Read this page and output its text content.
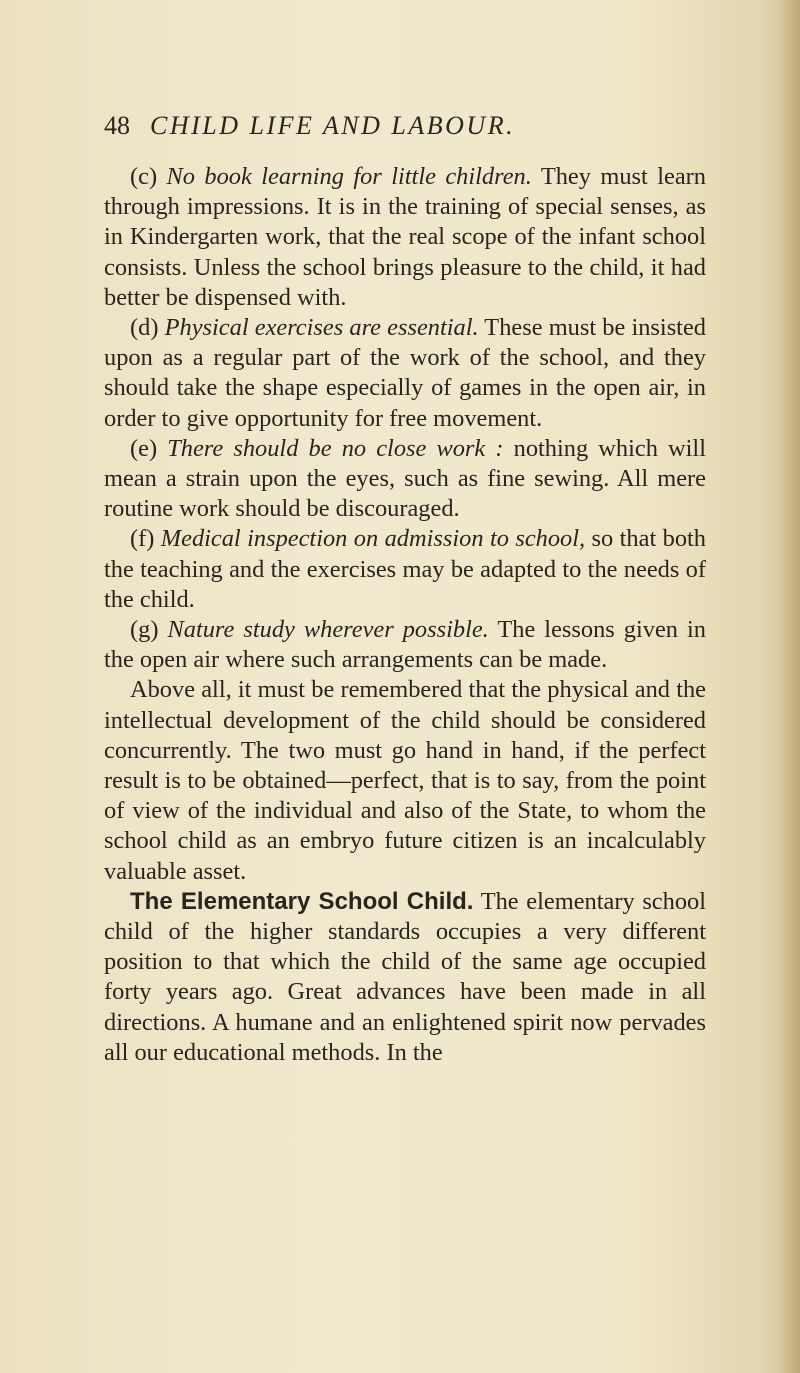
48 CHILD LIFE AND LABOUR.

(c) No book learning for little children. They must learn through impressions. It is in the training of special senses, as in Kindergarten work, that the real scope of the infant school consists. Unless the school brings pleasure to the child, it had better be dispensed with.

(d) Physical exercises are essential. These must be insisted upon as a regular part of the work of the school, and they should take the shape especially of games in the open air, in order to give opportunity for free movement.

(e) There should be no close work : nothing which will mean a strain upon the eyes, such as fine sewing. All mere routine work should be discouraged.

(f) Medical inspection on admission to school, so that both the teaching and the exercises may be adapted to the needs of the child.

(g) Nature study wherever possible. The lessons given in the open air where such arrangements can be made.

Above all, it must be remembered that the physical and the intellectual development of the child should be considered concurrently. The two must go hand in hand, if the perfect result is to be obtained—perfect, that is to say, from the point of view of the individual and also of the State, to whom the school child as an embryo future citizen is an incalculably valuable asset.

The Elementary School Child. The elementary school child of the higher standards occupies a very different position to that which the child of the same age occupied forty years ago. Great advances have been made in all directions. A humane and an enlightened spirit now pervades all our educational methods. In the
